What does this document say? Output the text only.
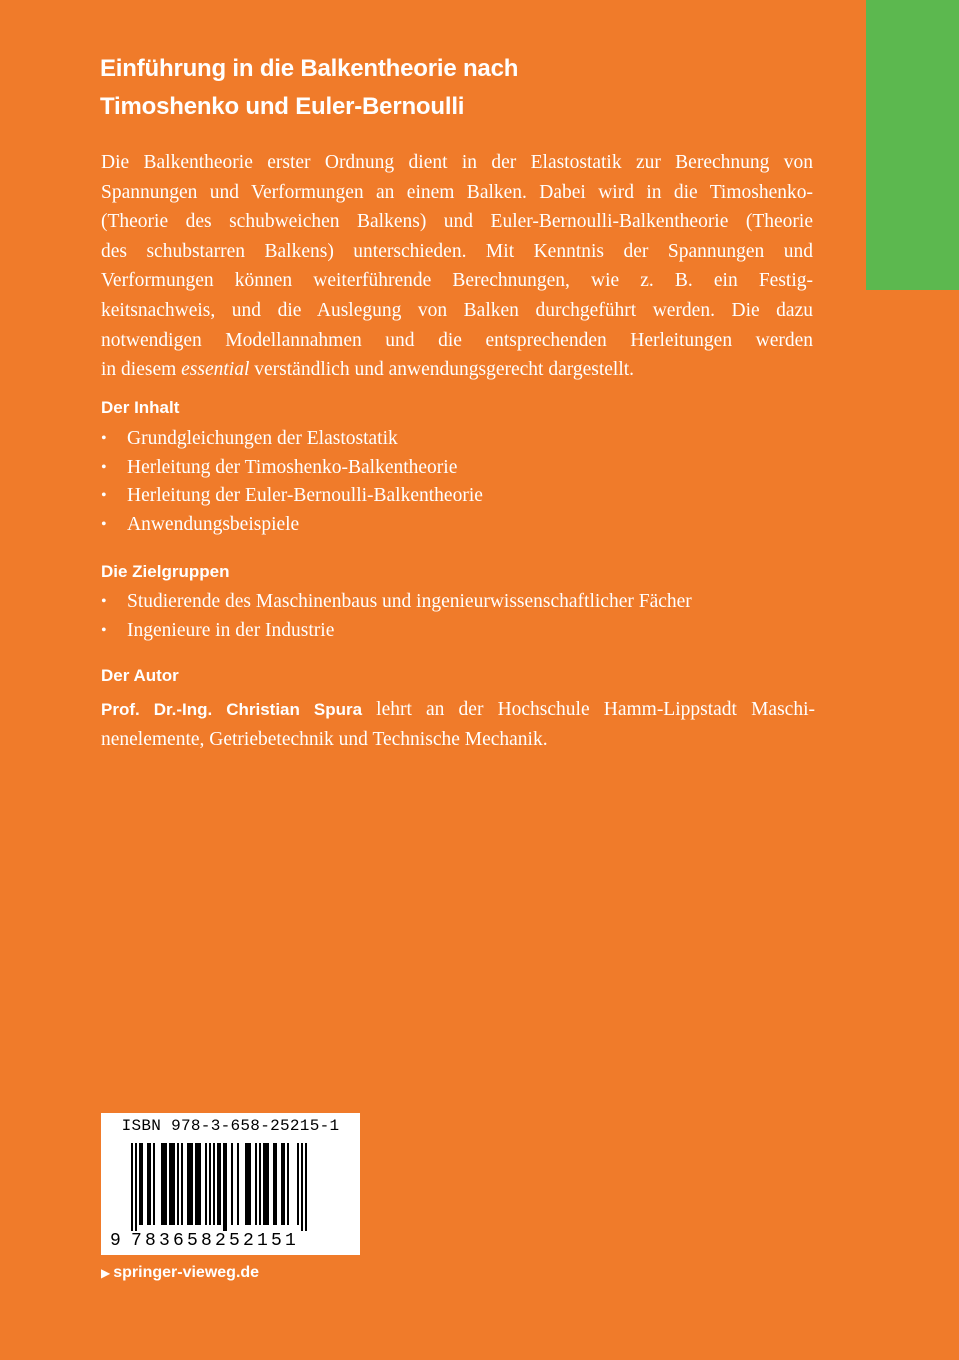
Einführung in die Balkentheorie nach
Timoshenko und Euler-Bernoulli
Die Balkentheorie erster Ordnung dient in der Elastostatik zur Berechnung von
Spannungen und Verformungen an einem Balken. Dabei wird in die Timoshenko-
(Theorie des schubweichen Balkens) und Euler-Bernoulli-Balkentheorie (Theorie
des schubstarren Balkens) unterschieden. Mit Kenntnis der Spannungen und
Verformungen können weiterführende Berechnungen, wie z. B. ein Festig-
keitsnachweis, und die Auslegung von Balken durchgeführt werden. Die dazu
notwendigen Modellannahmen und die entsprechenden Herleitungen werden
in diesem essential verständlich und anwendungsgerecht dargestellt.
Der Inhalt
• Grundgleichungen der Elastostatik
• Herleitung der Timoshenko-Balkentheorie
• Herleitung der Euler-Bernoulli-Balkentheorie
• Anwendungsbeispiele
Die Zielgruppen
• Studierende des Maschinenbaus und ingenieurwissenschaftlicher Fächer
• Ingenieure in der Industrie
Der Autor
Prof. Dr.-Ing. Christian Spura lehrt an der Hochschule Hamm-Lippstadt Maschi-
nenelemente, Getriebetechnik und Technische Mechanik.
ISBN 978-3-658-25215-1
9 783658252151
▶ springer-vieweg.de
